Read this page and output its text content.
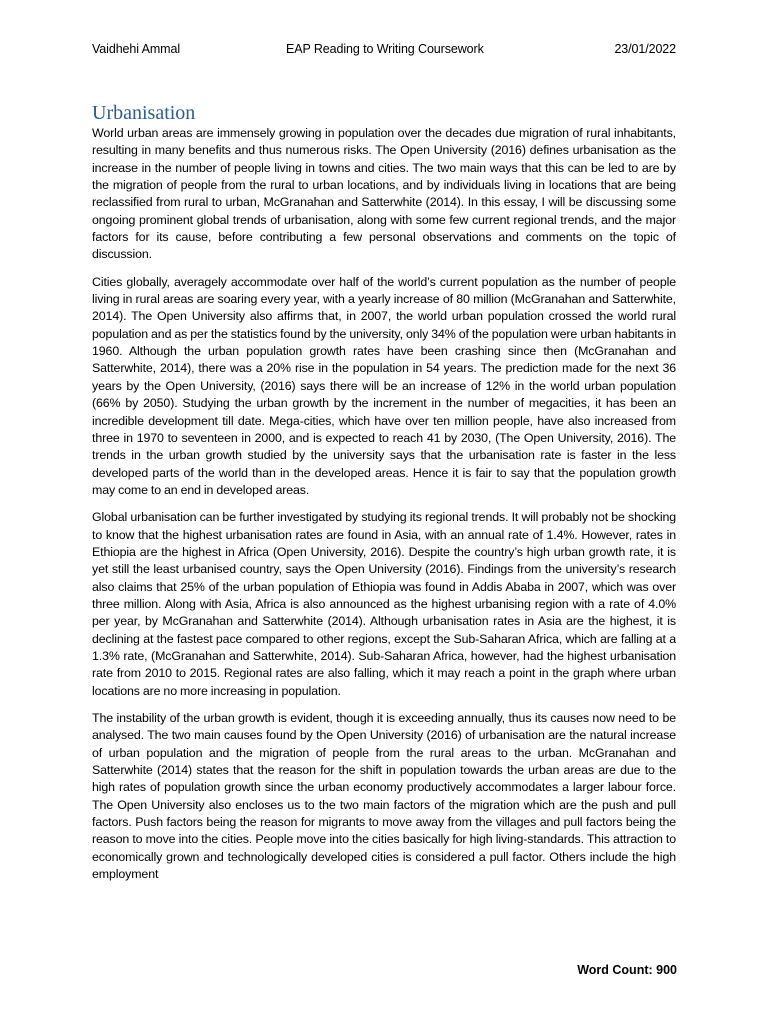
Vaidhehi Ammal	EAP Reading to Writing Coursework	23/01/2022
Urbanisation

World urban areas are immensely growing in population over the decades due migration of rural inhabitants, resulting in many benefits and thus numerous risks. The Open University (2016) defines urbanisation as the increase in the number of people living in towns and cities. The two main ways that this can be led to are by the migration of people from the rural to urban locations, and by individuals living in locations that are being reclassified from rural to urban, McGranahan and Satterwhite (2014). In this essay, I will be discussing some ongoing prominent global trends of urbanisation, along with some few current regional trends, and the major factors for its cause, before contributing a few personal observations and comments on the topic of discussion.

Cities globally, averagely accommodate over half of the world’s current population as the number of people living in rural areas are soaring every year, with a yearly increase of 80 million (McGranahan and Satterwhite, 2014). The Open University also affirms that, in 2007, the world urban population crossed the world rural population and as per the statistics found by the university, only 34% of the population were urban habitants in 1960. Although the urban population growth rates have been crashing since then (McGranahan and Satterwhite, 2014), there was a 20% rise in the population in 54 years. The prediction made for the next 36 years by the Open University, (2016) says there will be an increase of 12% in the world urban population (66% by 2050). Studying the urban growth by the increment in the number of megacities, it has been an incredible development till date. Mega-cities, which have over ten million people, have also increased from three in 1970 to seventeen in 2000, and is expected to reach 41 by 2030, (The Open University, 2016). The trends in the urban growth studied by the university says that the urbanisation rate is faster in the less developed parts of the world than in the developed areas. Hence it is fair to say that the population growth may come to an end in developed areas.

Global urbanisation can be further investigated by studying its regional trends. It will probably not be shocking to know that the highest urbanisation rates are found in Asia, with an annual rate of 1.4%. However, rates in Ethiopia are the highest in Africa (Open University, 2016). Despite the country’s high urban growth rate, it is yet still the least urbanised country, says the Open University (2016). Findings from the university’s research also claims that 25% of the urban population of Ethiopia was found in Addis Ababa in 2007, which was over three million. Along with Asia, Africa is also announced as the highest urbanising region with a rate of 4.0% per year, by McGranahan and Satterwhite (2014). Although urbanisation rates in Asia are the highest, it is declining at the fastest pace compared to other regions, except the Sub-Saharan Africa, which are falling at a 1.3% rate, (McGranahan and Satterwhite, 2014). Sub-Saharan Africa, however, had the highest urbanisation rate from 2010 to 2015. Regional rates are also falling, which it may reach a point in the graph where urban locations are no more increasing in population.

The instability of the urban growth is evident, though it is exceeding annually, thus its causes now need to be analysed. The two main causes found by the Open University (2016) of urbanisation are the natural increase of urban population and the migration of people from the rural areas to the urban. McGranahan and Satterwhite (2014) states that the reason for the shift in population towards the urban areas are due to the high rates of population growth since the urban economy productively accommodates a larger labour force. The Open University also encloses us to the two main factors of the migration which are the push and pull factors. Push factors being the reason for migrants to move away from the villages and pull factors being the reason to move into the cities. People move into the cities basically for high living-standards. This attraction to economically grown and technologically developed cities is considered a pull factor. Others include the high employment

Word Count: 900
